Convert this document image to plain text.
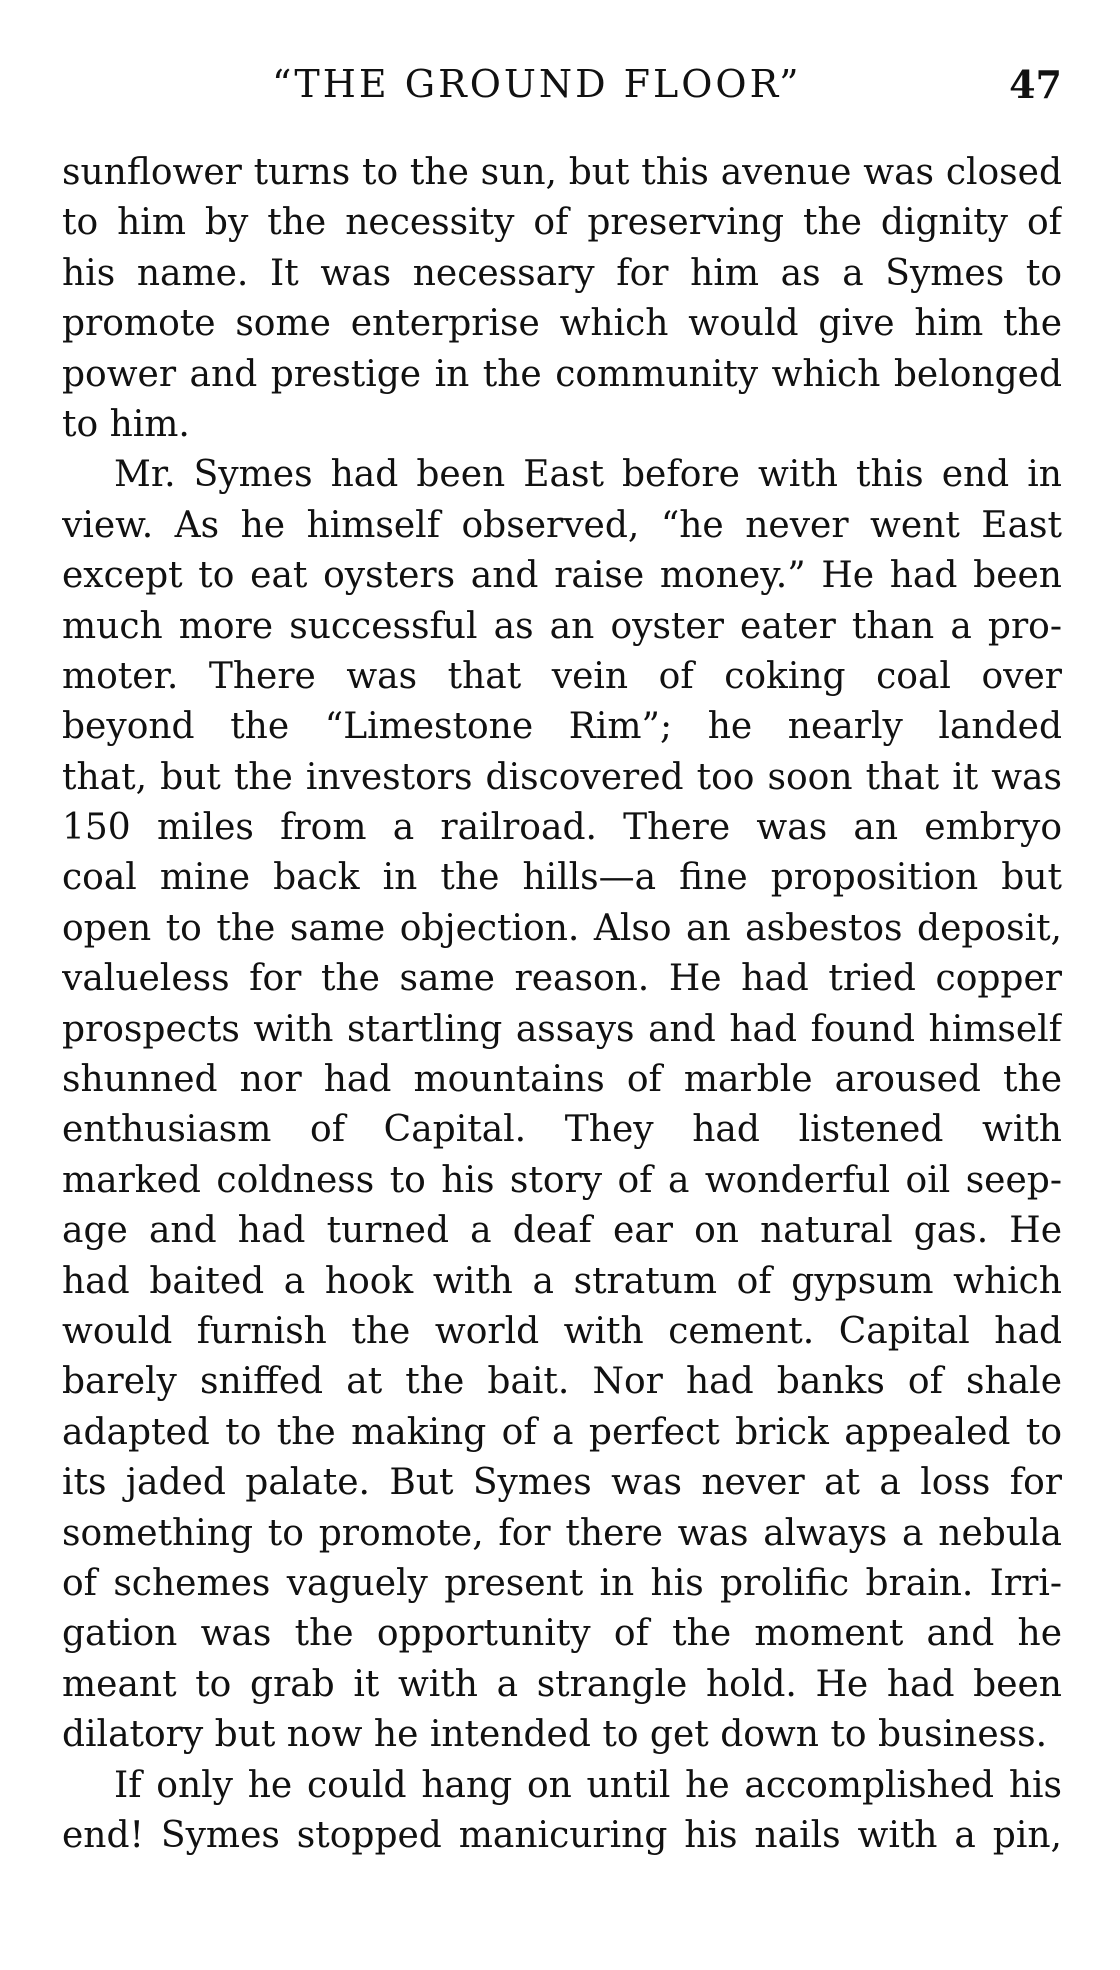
“THE GROUND FLOOR”	47
sunflower turns to the sun, but this avenue was closed
to him by the necessity of preserving the dignity of
his name. It was necessary for him as a Symes to
promote some enterprise which would give him the
power and prestige in the community which belonged
to him.
Mr. Symes had been East before with this end in
view. As he himself observed, “he never went East
except to eat oysters and raise money.” He had been
much more successful as an oyster eater than a pro-
moter. There was that vein of coking coal over
beyond the “Limestone Rim”; he nearly landed
that, but the investors discovered too soon that it was
150 miles from a railroad. There was an embryo
coal mine back in the hills—a fine proposition but
open to the same objection. Also an asbestos deposit,
valueless for the same reason. He had tried copper
prospects with startling assays and had found himself
shunned nor had mountains of marble aroused the
enthusiasm of Capital. They had listened with
marked coldness to his story of a wonderful oil seep-
age and had turned a deaf ear on natural gas. He
had baited a hook with a stratum of gypsum which
would furnish the world with cement. Capital had
barely sniffed at the bait. Nor had banks of shale
adapted to the making of a perfect brick appealed to
its jaded palate. But Symes was never at a loss for
something to promote, for there was always a nebula
of schemes vaguely present in his prolific brain. Irri-
gation was the opportunity of the moment and he
meant to grab it with a strangle hold. He had been
dilatory but now he intended to get down to business.
If only he could hang on until he accomplished his
end! Symes stopped manicuring his nails with a pin,
